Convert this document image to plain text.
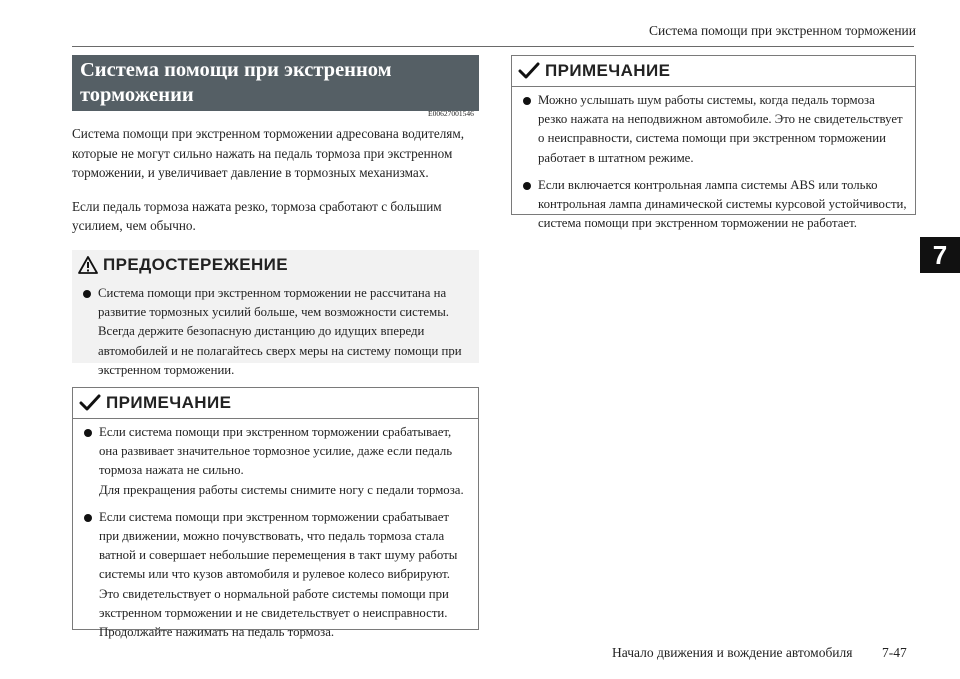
Система помощи при экстренном торможении
7
Система помощи при экстренном
торможении
E00627001546

Система помощи при экстренном торможении адресована водителям, которые не могут сильно нажать на педаль тормоза при экстренном торможении, и увеличивает давление в тормозных механизмах.

Если педаль тормоза нажата резко, тормоза сработают с большим усилием, чем обычно.

ПРЕДОСТЕРЕЖЕНИЕ
Система помощи при экстренном торможении не рассчитана на развитие тормозных усилий больше, чем возможности системы. Всегда держите безопасную дистанцию до идущих впереди автомобилей и не полагайтесь сверх меры на систему помощи при экстренном торможении.
ПРИМЕЧАНИЕ
Если система помощи при экстренном торможении срабатывает, она развивает значительное тормозное усилие, даже если педаль тормоза нажата не сильно.
Для прекращения работы системы снимите ногу с педали тормоза.
Если система помощи при экстренном торможении срабатывает при движении, можно почувствовать, что педаль тормоза стала ватной и совершает небольшие перемещения в такт шуму работы системы или что кузов автомобиля и рулевое колесо вибрируют. Это свидетельствует о нормальной работе системы помощи при экстренном торможении и не свидетельствует о неисправности. Продолжайте нажимать на педаль тормоза.
ПРИМЕЧАНИЕ
Можно услышать шум работы системы, когда педаль тормоза резко нажата на неподвижном автомобиле. Это не свидетельствует о неисправности, система помощи при экстренном торможении работает в штатном режиме.
Если включается контрольная лампа системы ABS или только контрольная лампа динамической системы курсовой устойчивости, система помощи при экстренном торможении не работает.
Начало движения и вождение автомобиля 7-47
